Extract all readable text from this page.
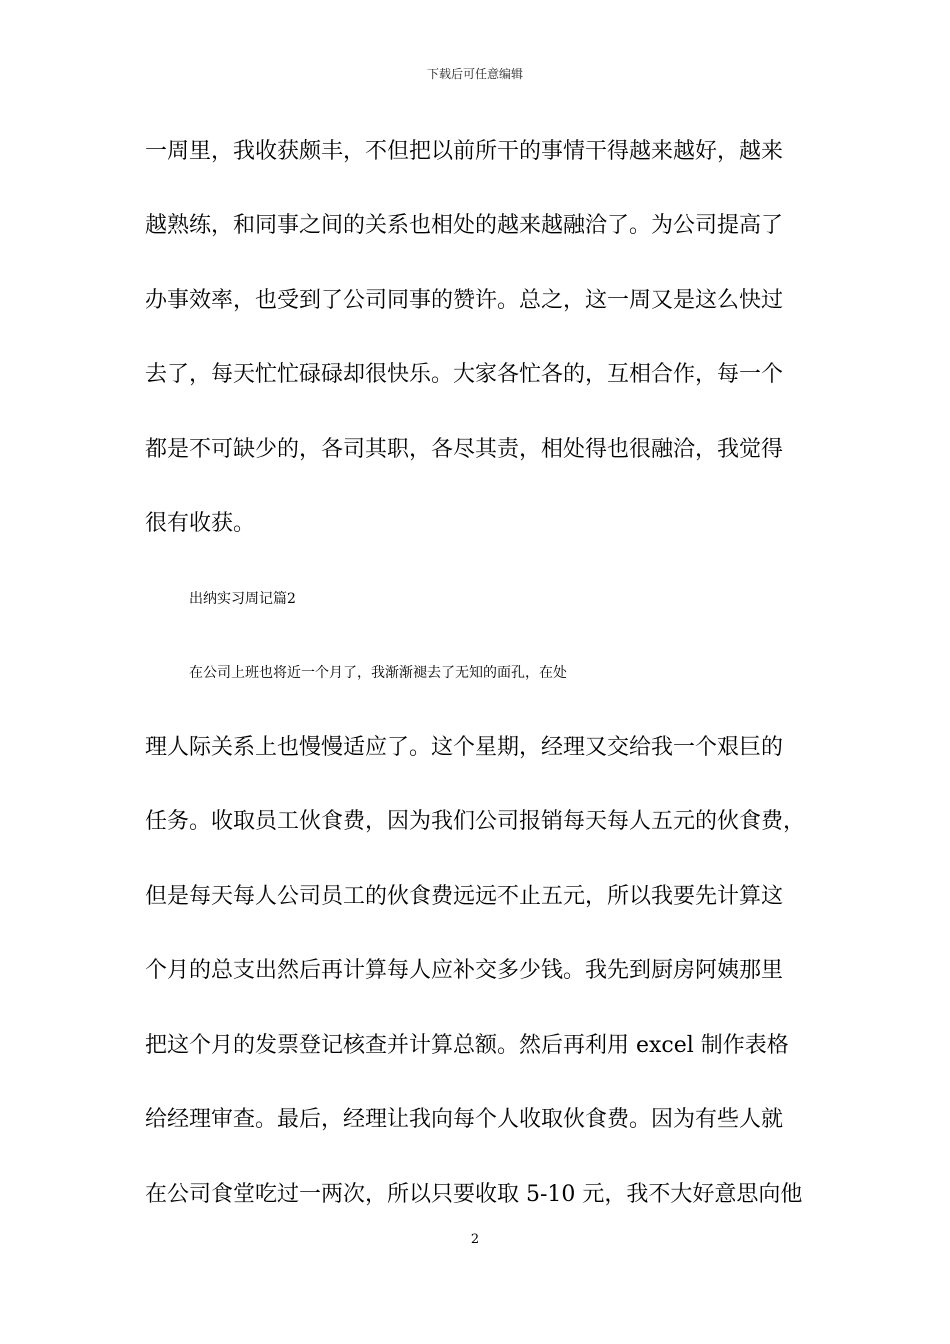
下载后可任意编辑
一周里，我收获颇丰，不但把以前所干的事情干得越来越好，越来
越熟练，和同事之间的关系也相处的越来越融洽了。为公司提高了
办事效率，也受到了公司同事的赞许。总之，这一周又是这么快过
去了，每天忙忙碌碌却很快乐。大家各忙各的，互相合作，每一个
都是不可缺少的，各司其职，各尽其责，相处得也很融洽，我觉得
很有收获。
出纳实习周记篇2
在公司上班也将近一个月了，我渐渐褪去了无知的面孔，在处
理人际关系上也慢慢适应了。这个星期，经理又交给我一个艰巨的
任务。收取员工伙食费，因为我们公司报销每天每人五元的伙食费，
但是每天每人公司员工的伙食费远远不止五元，所以我要先计算这
个月的总支出然后再计算每人应补交多少钱。我先到厨房阿姨那里
把这个月的发票登记核查并计算总额。然后再利用 excel 制作表格
给经理审查。最后，经理让我向每个人收取伙食费。因为有些人就
在公司食堂吃过一两次，所以只要收取 5-10 元，我不大好意思向他
2
